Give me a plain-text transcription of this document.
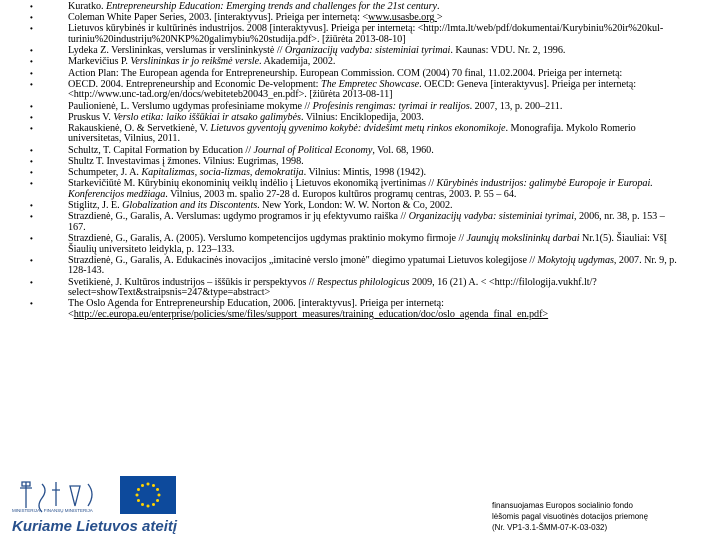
• Kuratko. Entrepreneurship Education: Emerging trends and challenges for the 21st century.
• Coleman White Paper Series, 2003. [interaktyvus]. Prieiga per internetą: <www.usasbe.org >
• Lietuvos kūrybinės ir kultūrinės industrijos. 2008 [interaktyvus]. Prieiga per internetą: <http://lmta.lt/web/pdf/dokumentai/Kurybiniu%20ir%20kul-turiniu%20industriju%20NKP%20galimybiu%20studija.pdf>. [žiūrėta 2013-08-10]
• Lydeka Z. Verslininkas, verslumas ir verslininkystė // Organizacijų vadyba: sisteminiai tyrimai. Kaunas: VDU. Nr. 2, 1996.
• Markevičius P. Verslininkas ir jo reikšmė versle. Akademija, 2002.
• Action Plan: The European agenda for Entrepreneurship. European Commission. COM (2004) 70 final, 11.02.2004. Prieiga per internetą:
• OECD. 2004. Entrepreneurship and Economic De-velopment: The Empretec Showcase. OECD: Geneva [interaktyvus]. Prieiga per internetą: <http://www.unc-tad.org/en/docs/webiteteb20043_en.pdf>. [žiūrėta 2013-08-11]
• Paulionienė, L. Verslumo ugdymas profesiniame mokyme // Profesinis rengimas: tyrimai ir realijos. 2007, 13, p. 200–211.
• Pruskus V. Verslo etika: laiko iššūkiai ir atsako galimybės. Vilnius: Enciklopedija, 2003.
• Rakauskienė, O. & Servetkienė, V. Lietuvos gyventojų gyvenimo kokybė: dvidešimt metų rinkos ekonomikoje. Monografija. Mykolo Romerio universitetas, Vilnius, 2011.
• Schultz, T. Capital Formation by Education // Journal of Political Economy, Vol. 68, 1960.
• Shultz T. Investavimas į žmones. Vilnius: Eugrimas, 1998.
• Schumpeter, J. A. Kapitalizmas, socia-lizmas, demokratija. Vilnius: Mintis, 1998 (1942).
• Starkevičiūtė M. Kūrybinių ekonominių veiklų indėlio į Lietuvos ekonomiką įvertinimas // Kūrybinės industrijos: galimybė Europoje ir Europai. Konferencijos medžiaga. Vilnius, 2003 m. spalio 27-28 d. Europos kultūros programų centras, 2003. P. 55 – 64.
• Stiglitz, J. E. Globalization and its Discontents. New York, London: W. W. Norton & Co, 2002.
• Strazdienė, G., Garalis, A. Verslumas: ugdymo programos ir jų efektyvumo raiška // Organizacijų vadyba: sisteminiai tyrimai, 2006, nr. 38, p. 153 –167.
• Strazdienė, G., Garalis, A. (2005). Verslumo kompetencijos ugdymas praktinio mokymo firmoje // Jaunųjų mokslininkų darbai Nr.1(5). Šiauliai: VšĮ Šiaulių universiteto leidykla, p. 123–133.
• Strazdienė, G., Garalis, A. Edukacinės inovacijos „imitacinė verslo įmonė" diegimo ypatumai Lietuvos kolegijose // Mokytojų ugdymas, 2007. Nr. 9, p. 128-143.
• Svetikienė, J. Kultūros industrijos – iššūkis ir perspektyvos // Respectus philologicus 2009, 16 (21) A. < <http://filologija.vukhf.lt/?select=showText&straipsnis=247&type=abstract>
• The Oslo Agenda for Entrepreneurship Education, 2006. [interaktyvus]. Prieiga per internetą: <http://ec.europa.eu/enterprise/policies/sme/files/support_measures/training_education/doc/oslo_agenda_final_en.pdf>
MINISTERIJA · FINANSŲ MINISTERIJA
Kuriame Lietuvos ateitį
finansuojamas Europos socialinio fondo
lėšomis pagal visuotinės dotacijos priemonę
(Nr. VP1-3.1-ŠMM-07-K-03-032)
